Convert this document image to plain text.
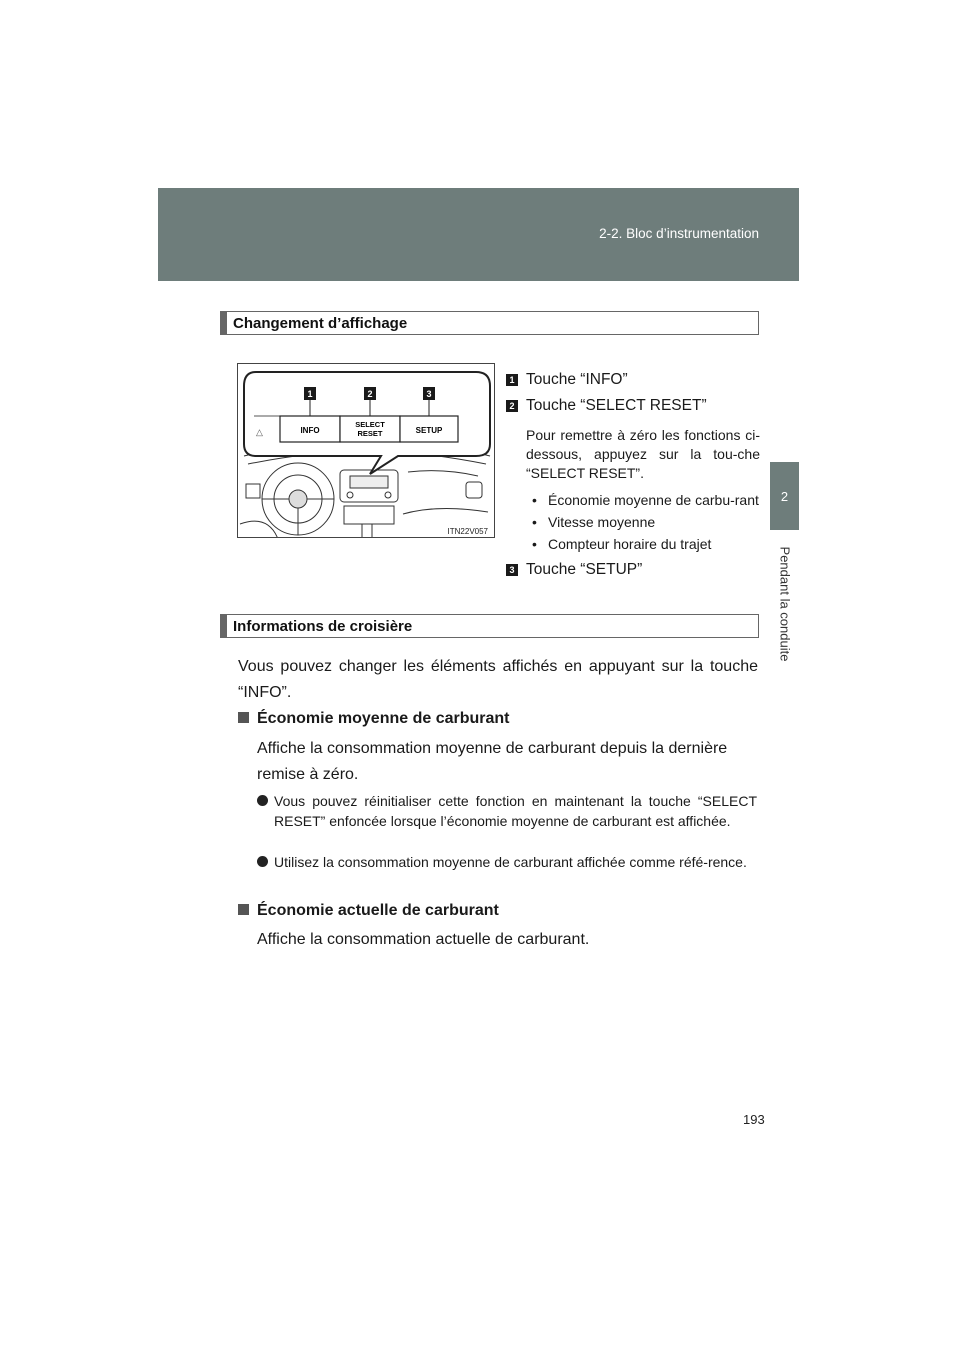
2-2. Bloc d’instrumentation
2
Pendant la conduite
Changement d’affichage
△	INFO
SELECT
RESET	SETUP
1	2	3
ITN22V057
1 Touche “INFO”
2 Touche “SELECT RESET”
Pour remettre à zéro les fonctions ci-dessous, appuyez sur la tou-che “SELECT RESET”.
• Économie moyenne de carbu-rant
• Vitesse moyenne
• Compteur horaire du trajet
3 Touche “SETUP”
Informations de croisière
Vous pouvez changer les éléments affichés en appuyant sur la touche “INFO”.
Économie moyenne de carburant
Affiche la consommation moyenne de carburant depuis la dernière remise à zéro.
Vous pouvez réinitialiser cette fonction en maintenant la touche “SELECT RESET” enfoncée lorsque l’économie moyenne de carburant est affichée.
Utilisez la consommation moyenne de carburant affichée comme réfé-rence.
Économie actuelle de carburant
Affiche la consommation actuelle de carburant.
193
